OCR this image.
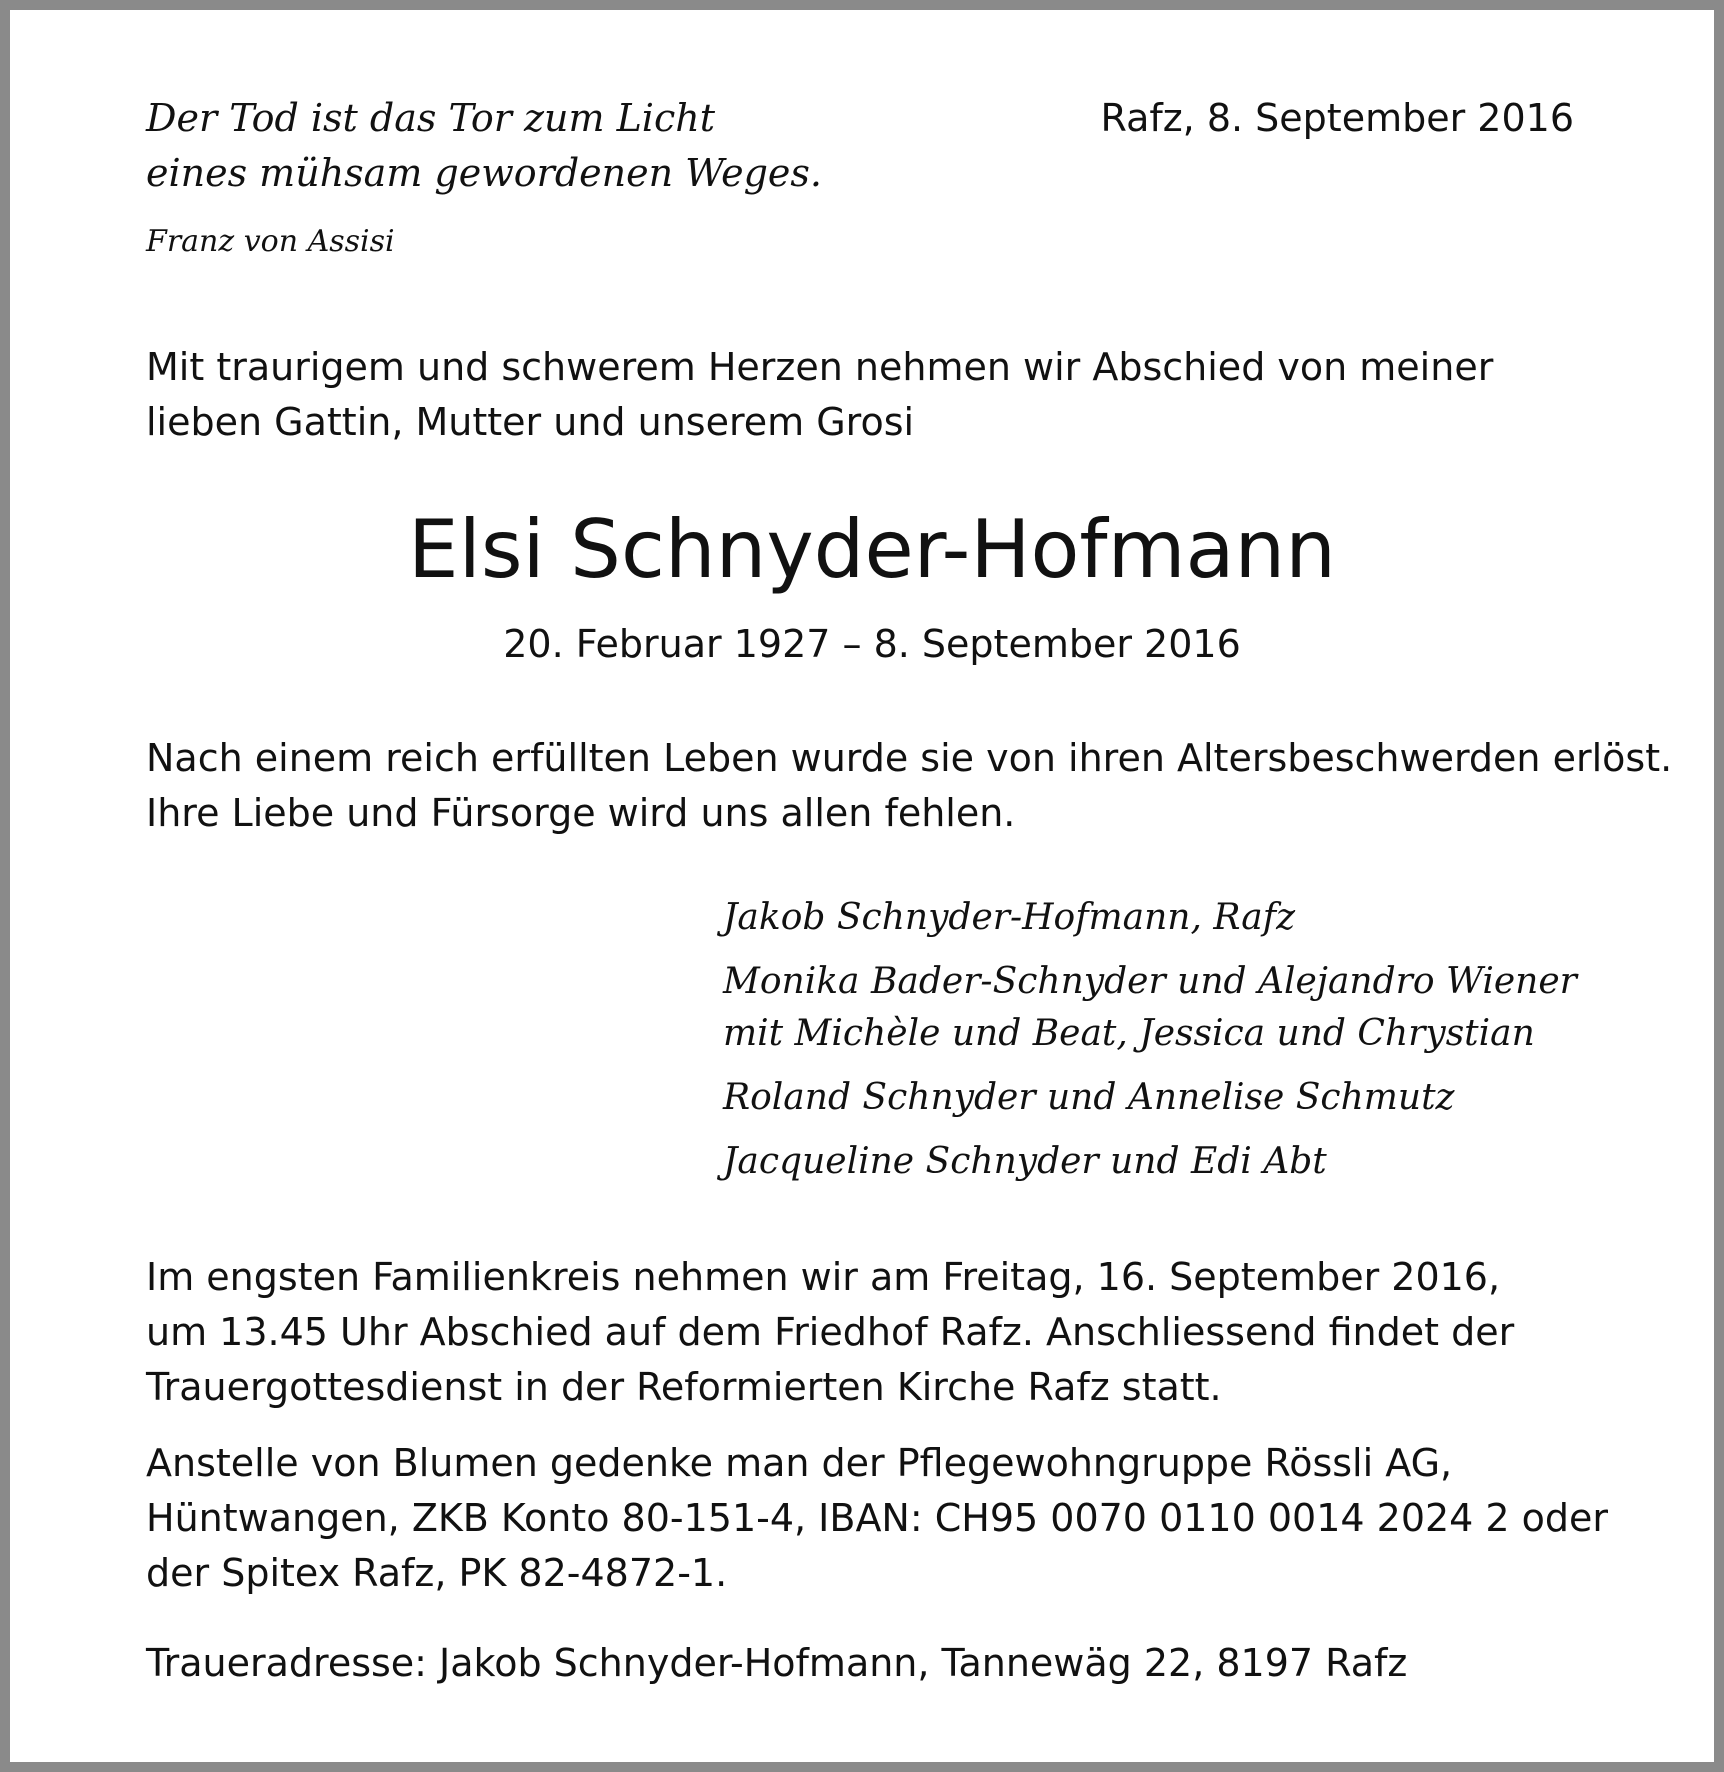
Der Tod ist das Tor zum Licht
eines mühsam gewordenen Weges.

Franz von Assisi

Rafz, 8. September 2016

Mit traurigem und schwerem Herzen nehmen wir Abschied von meiner
lieben Gattin, Mutter und unserem Grosi

Elsi Schnyder-Hofmann

20. Februar 1927 – 8. September 2016

Nach einem reich erfüllten Leben wurde sie von ihren Altersbeschwerden erlöst.
Ihre Liebe und Fürsorge wird uns allen fehlen.

Jakob Schnyder-Hofmann, Rafz
Monika Bader-Schnyder und Alejandro Wiener
mit Michèle und Beat, Jessica und Chrystian
Roland Schnyder und Annelise Schmutz
Jacqueline Schnyder und Edi Abt

Im engsten Familienkreis nehmen wir am Freitag, 16. September 2016,
um 13.45 Uhr Abschied auf dem Friedhof Rafz. Anschliessend findet der
Trauergottesdienst in der Reformierten Kirche Rafz statt.

Anstelle von Blumen gedenke man der Pflegewohngruppe Rössli AG,
Hüntwangen, ZKB Konto 80-151-4, IBAN: CH95 0070 0110 0014 2024 2 oder
der Spitex Rafz, PK 82-4872-1.

Traueradresse: Jakob Schnyder-Hofmann, Tannewäg 22, 8197 Rafz
